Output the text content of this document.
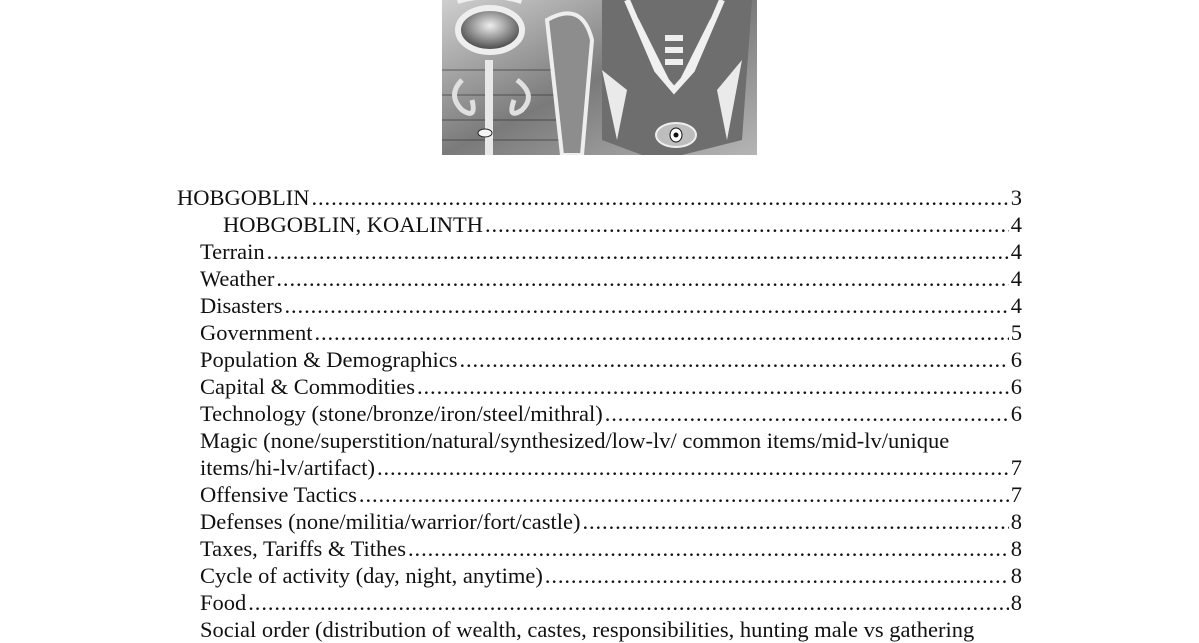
HOBGOBLIN .....	3
HOBGOBLIN, KOALINTH .....	4
Terrain .....	4
Weather .....	4
Disasters .....	4
Government .....	5
Population & Demographics .....	6
Capital & Commodities .....	6
Technology (stone/bronze/iron/steel/mithral) .....	6
Magic (none/superstition/natural/synthesized/low-lv/ common items/mid-lv/unique
items/hi-lv/artifact) .....	7
Offensive Tactics .....	7
Defenses (none/militia/warrior/fort/castle) .....	8
Taxes, Tariffs & Tithes .....	8
Cycle of activity (day, night, anytime) .....	8
Food .....	8
Social order (distribution of wealth, castes, responsibilities, hunting male vs gathering
